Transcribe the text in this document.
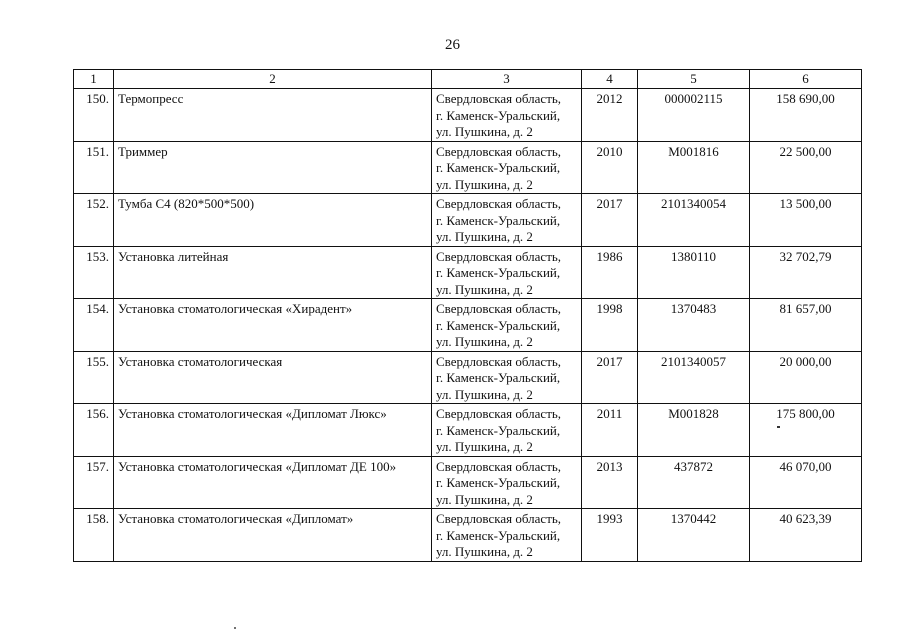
26
1	2	3	4	5	6
150.	Термопресс	Свердловская область,
г. Каменск-Уральский,
ул. Пушкина, д. 2	2012	000002115	158 690,00
151.	Триммер	Свердловская область,
г. Каменск-Уральский,
ул. Пушкина, д. 2	2010	М001816	22 500,00
152.	Тумба С4 (820*500*500)	Свердловская область,
г. Каменск-Уральский,
ул. Пушкина, д. 2	2017	2101340054	13 500,00
153.	Установка литейная	Свердловская область,
г. Каменск-Уральский,
ул. Пушкина, д. 2	1986	1380110	32 702,79
154.	Установка стоматологическая «Хирадент»	Свердловская область,
г. Каменск-Уральский,
ул. Пушкина, д. 2	1998	1370483	81 657,00
155.	Установка стоматологическая	Свердловская область,
г. Каменск-Уральский,
ул. Пушкина, д. 2	2017	2101340057	20 000,00
156.	Установка стоматологическая «Дипломат Люкс»	Свердловская область,
г. Каменск-Уральский,
ул. Пушкина, д. 2	2011	М001828	175 800,00
157.	Установка стоматологическая «Дипломат ДЕ 100»	Свердловская область,
г. Каменск-Уральский,
ул. Пушкина, д. 2	2013	437872	46 070,00
158.	Установка стоматологическая «Дипломат»	Свердловская область,
г. Каменск-Уральский,
ул. Пушкина, д. 2	1993	1370442	40 623,39
